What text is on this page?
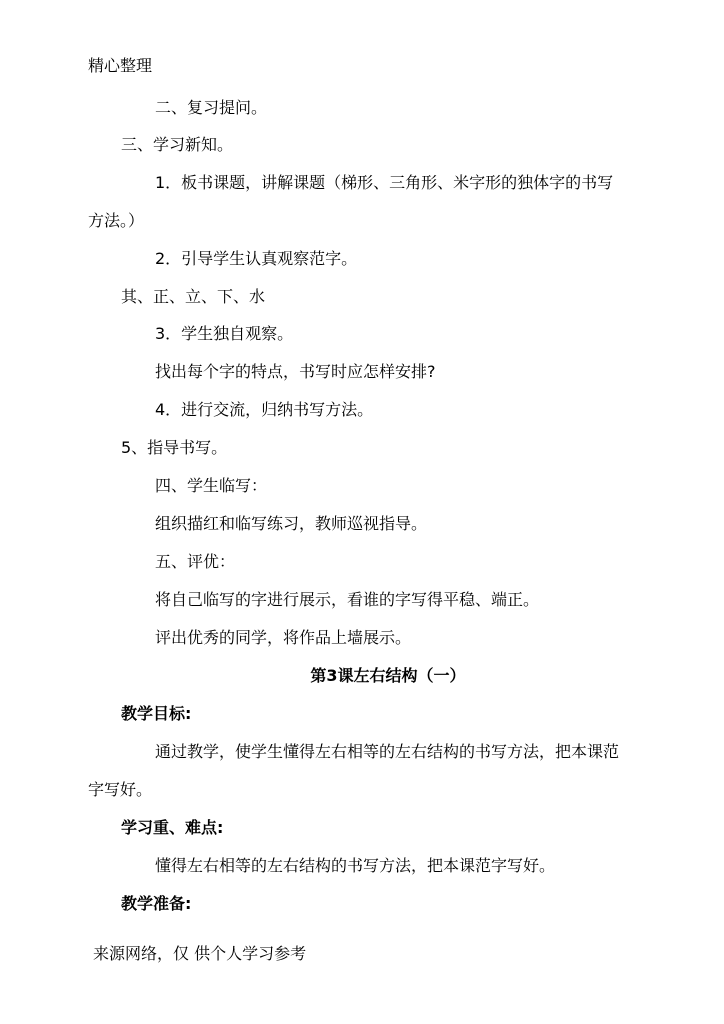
精心整理
二、复习提问。
三、学习新知。
1．板书课题，讲解课题（梯形、三角形、米字形的独体字的书写
方法。）
2．引导学生认真观察范字。
其、正、立、下、水
3．学生独自观察。
找出每个字的特点，书写时应怎样安排?
4．进行交流，归纳书写方法。
5、指导书写。
四、学生临写：
组织描红和临写练习，教师巡视指导。
五、评优：
将自己临写的字进行展示，看谁的字写得平稳、端正。
评出优秀的同学，将作品上墙展示。
第3课左右结构（一）
教学目标:
通过教学，使学生懂得左右相等的左右结构的书写方法，把本课范
字写好。
学习重、难点:
懂得左右相等的左右结构的书写方法，把本课范字写好。
教学准备:
来源网络，仅 供个人学习参考
